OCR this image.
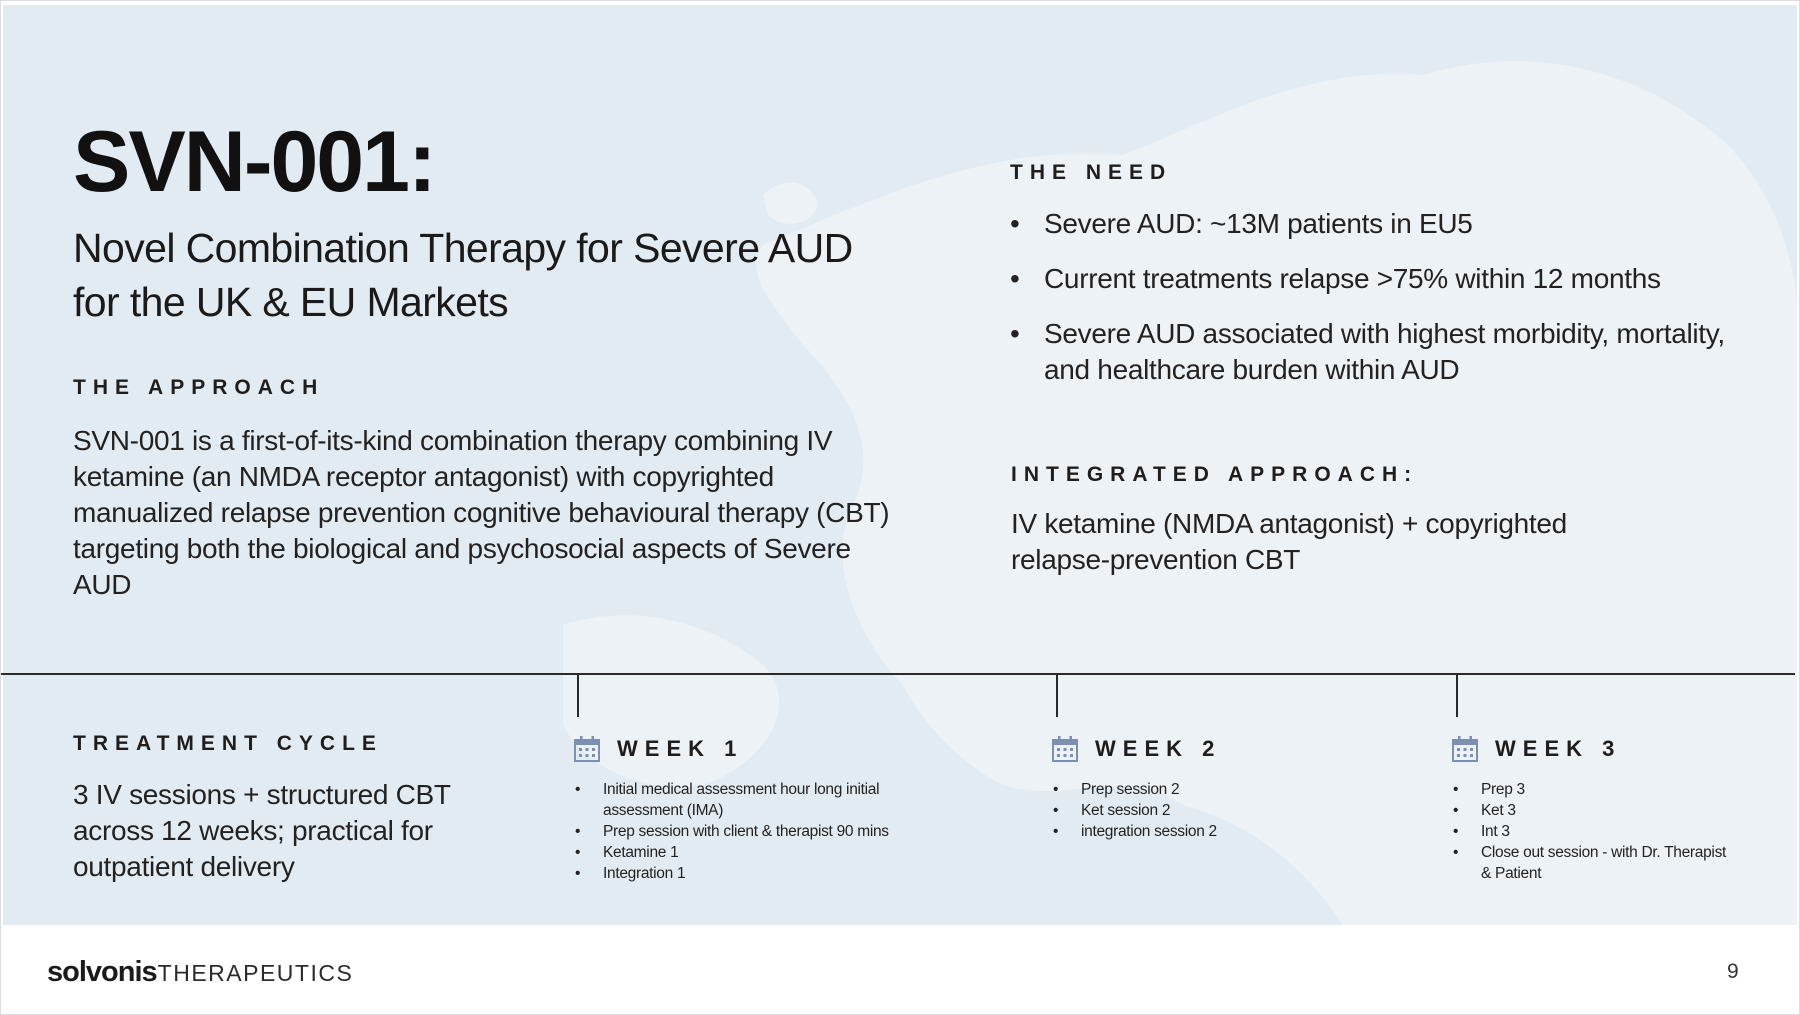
SVN-001:
Novel Combination Therapy for Severe AUD for the UK & EU Markets
THE APPROACH
SVN-001 is a first-of-its-kind combination therapy combining IV ketamine (an NMDA receptor antagonist) with copyrighted manualized relapse prevention cognitive behavioural therapy (CBT) targeting both the biological and psychosocial aspects of Severe AUD
THE NEED
• Severe AUD: ~13M patients in EU5
• Current treatments relapse >75% within 12 months
• Severe AUD associated with highest morbidity, mortality, and healthcare burden within AUD
INTEGRATED APPROACH:
IV ketamine (NMDA antagonist) + copyrighted relapse-prevention CBT
TREATMENT CYCLE
3 IV sessions + structured CBT across 12 weeks; practical for outpatient delivery
WEEK 1
• Initial medical assessment hour long initial assessment (IMA)
• Prep session with client & therapist 90 mins
• Ketamine 1
• Integration 1
WEEK 2
• Prep session 2
• Ket session 2
• integration session 2
WEEK 3
• Prep 3
• Ket 3
• Int 3
• Close out session - with Dr. Therapist & Patient
solvonis THERAPEUTICS	9
